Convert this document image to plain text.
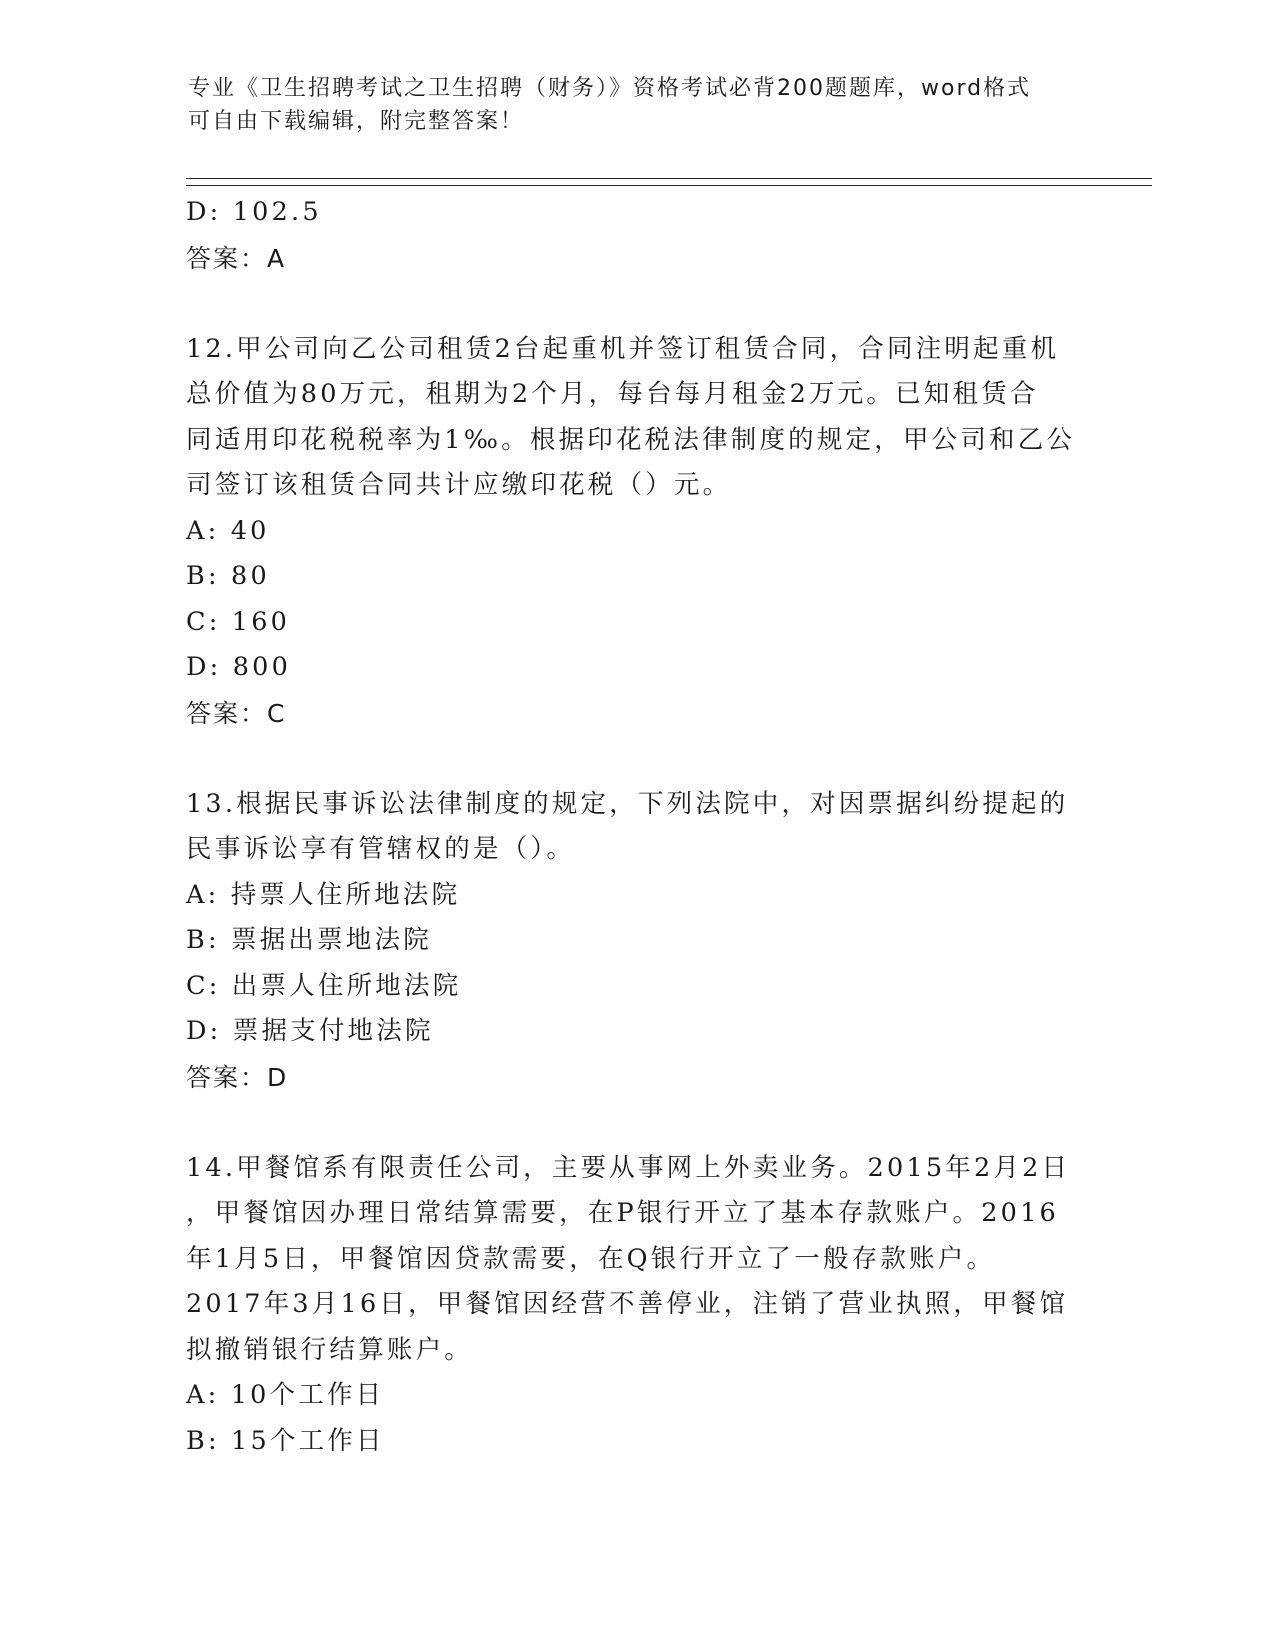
专业《卫生招聘考试之卫生招聘（财务）》资格考试必背200题题库，word格式
可自由下载编辑，附完整答案！
D: 102.5
答案：A
12.甲公司向乙公司租赁2台起重机并签订租赁合同，合同注明起重机
总价值为80万元，租期为2个月，每台每月租金2万元。已知租赁合
同适用印花税税率为1‰。根据印花税法律制度的规定，甲公司和乙公
司签订该租赁合同共计应缴印花税（）元。
A: 40
B: 80
C: 160
D: 800
答案：C
13.根据民事诉讼法律制度的规定，下列法院中，对因票据纠纷提起的
民事诉讼享有管辖权的是（）。
A: 持票人住所地法院
B: 票据出票地法院
C: 出票人住所地法院
D: 票据支付地法院
答案：D
14.甲餐馆系有限责任公司，主要从事网上外卖业务。2015年2月2日
，甲餐馆因办理日常结算需要，在P银行开立了基本存款账户。2016
年1月5日，甲餐馆因贷款需要，在Q银行开立了一般存款账户。
2017年3月16日，甲餐馆因经营不善停业，注销了营业执照，甲餐馆
拟撤销银行结算账户。
A: 10个工作日
B: 15个工作日
